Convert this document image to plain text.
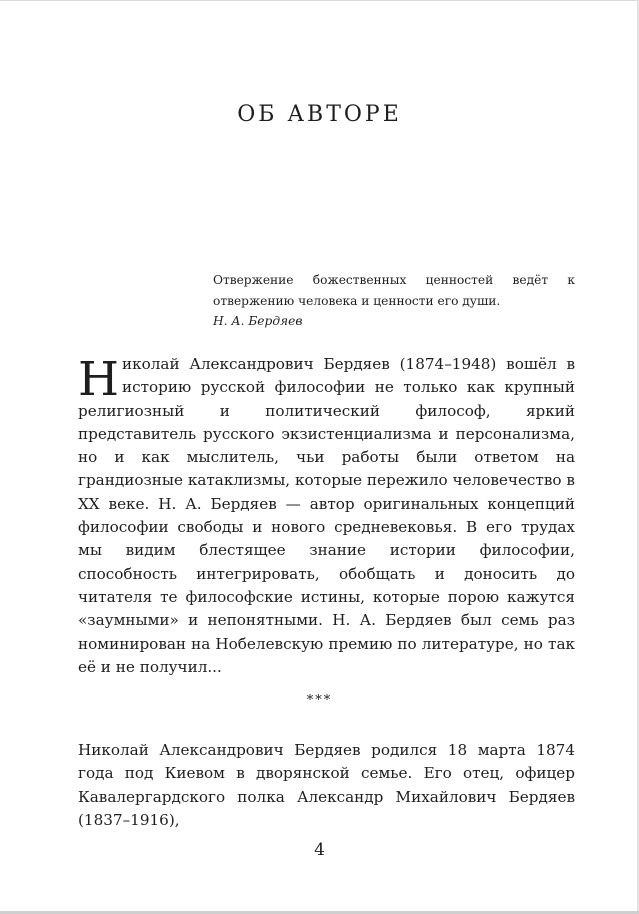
ОБ АВТОРЕ

Отвержение божественных ценностей ведёт к отвержению человека и ценности его души.

Н. А. Бердяев

Николай Александрович Бердяев (1874–1948) вошёл в историю русской философии не только как крупный религиозный и политический философ, яркий представитель русского экзистенциализма и персонализма, но и как мыслитель, чьи работы были ответом на грандиозные катаклизмы, которые пережило человечество в XX веке. Н. А. Бердяев — автор оригинальных концепций философии свободы и нового средневековья. В его трудах мы видим блестящее знание истории философии, способность интегрировать, обобщать и доносить до читателя те философские истины, которые порою кажутся «заумными» и непонятными. Н. А. Бердяев был семь раз номинирован на Нобелевскую премию по литературе, но так её и не получил...

***

Николай Александрович Бердяев родился 18 марта 1874 года под Киевом в дворянской семье. Его отец, офицер Кавалергардского полка Александр Михайлович Бердяев (1837–1916),

4
